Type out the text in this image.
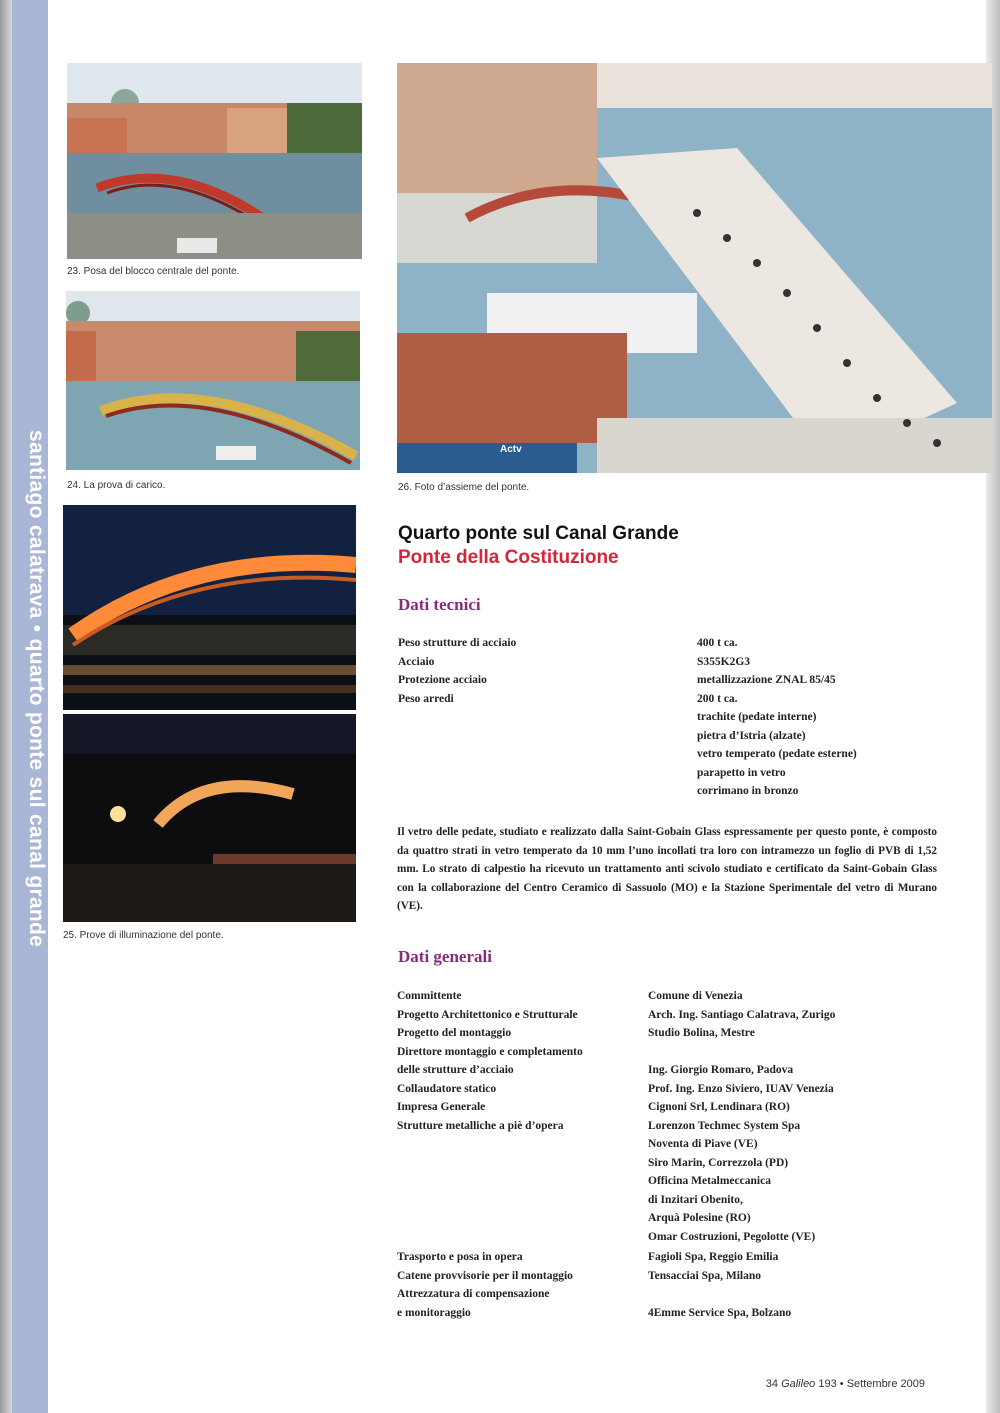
23. Posa del blocco centrale del ponte.
24. La prova di carico.
25. Prove di illuminazione del ponte.
Actv
26. Foto d’assieme del ponte.
Quarto ponte sul Canal Grande
Ponte della Costituzione
Dati tecnici
Peso strutture di acciaio
Acciaio
Protezione acciaio
Peso arredi
400 t ca.
S355K2G3
metallizzazione ZNAL 85/45
200 t ca.
trachite (pedate interne)
pietra d’Istria (alzate)
vetro temperato (pedate esterne)
parapetto in vetro
corrimano in bronzo
Il vetro delle pedate, studiato e realizzato dalla Saint-Gobain Glass espressamente per questo ponte, è composto da quattro strati in vetro temperato da 10 mm l’uno incollati tra loro con intramezzo un foglio di PVB di 1,52 mm. Lo strato di calpestio ha ricevuto un trattamento anti scivolo studiato e certificato da Saint-Gobain Glass con la collaborazione del Centro Ceramico di Sassuolo (MO) e la Stazione Sperimentale del vetro di Murano (VE).
Dati generali
Committente
Progetto Architettonico e Strutturale
Progetto del montaggio
Direttore montaggio e completamento
delle strutture d’acciaio
Collaudatore statico
Impresa Generale
Strutture metalliche a piè d’opera
Comune di Venezia
Arch. Ing. Santiago Calatrava, Zurigo
Studio Bolina, Mestre
Ing. Giorgio Romaro, Padova
Prof. Ing. Enzo Siviero, IUAV Venezia
Cignoni Srl, Lendinara (RO)
Lorenzon Techmec System Spa
Noventa di Piave (VE)
Siro Marin, Correzzola (PD)
Officina Metalmeccanica
di Inzitari Obenito,
Arquà Polesine (RO)
Omar Costruzioni, Pegolotte (VE)
Trasporto e posa in opera
Catene provvisorie per il montaggio
Attrezzatura di compensazione
e monitoraggio
Fagioli Spa, Reggio Emilia
Tensacciai Spa, Milano
4Emme Service Spa, Bolzano
34 Galileo 193 • Settembre 2009
